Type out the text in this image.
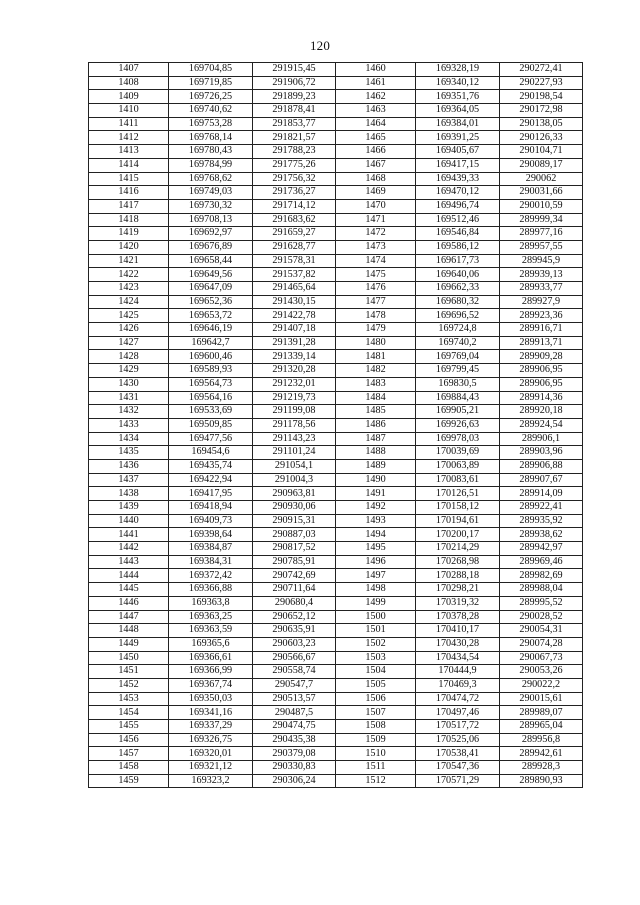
120
1407	169704,85	291915,45	1460	169328,19	290272,41
1408	169719,85	291906,72	1461	169340,12	290227,93
1409	169726,25	291899,23	1462	169351,76	290198,54
1410	169740,62	291878,41	1463	169364,05	290172,98
1411	169753,28	291853,77	1464	169384,01	290138,05
1412	169768,14	291821,57	1465	169391,25	290126,33
1413	169780,43	291788,23	1466	169405,67	290104,71
1414	169784,99	291775,26	1467	169417,15	290089,17
1415	169768,62	291756,32	1468	169439,33	290062
1416	169749,03	291736,27	1469	169470,12	290031,66
1417	169730,32	291714,12	1470	169496,74	290010,59
1418	169708,13	291683,62	1471	169512,46	289999,34
1419	169692,97	291659,27	1472	169546,84	289977,16
1420	169676,89	291628,77	1473	169586,12	289957,55
1421	169658,44	291578,31	1474	169617,73	289945,9
1422	169649,56	291537,82	1475	169640,06	289939,13
1423	169647,09	291465,64	1476	169662,33	289933,77
1424	169652,36	291430,15	1477	169680,32	289927,9
1425	169653,72	291422,78	1478	169696,52	289923,36
1426	169646,19	291407,18	1479	169724,8	289916,71
1427	169642,7	291391,28	1480	169740,2	289913,71
1428	169600,46	291339,14	1481	169769,04	289909,28
1429	169589,93	291320,28	1482	169799,45	289906,95
1430	169564,73	291232,01	1483	169830,5	289906,95
1431	169564,16	291219,73	1484	169884,43	289914,36
1432	169533,69	291199,08	1485	169905,21	289920,18
1433	169509,85	291178,56	1486	169926,63	289924,54
1434	169477,56	291143,23	1487	169978,03	289906,1
1435	169454,6	291101,24	1488	170039,69	289903,96
1436	169435,74	291054,1	1489	170063,89	289906,88
1437	169422,94	291004,3	1490	170083,61	289907,67
1438	169417,95	290963,81	1491	170126,51	289914,09
1439	169418,94	290930,06	1492	170158,12	289922,41
1440	169409,73	290915,31	1493	170194,61	289935,92
1441	169398,64	290887,03	1494	170200,17	289938,62
1442	169384,87	290817,52	1495	170214,29	289942,97
1443	169384,31	290785,91	1496	170268,98	289969,46
1444	169372,42	290742,69	1497	170288,18	289982,69
1445	169366,88	290711,64	1498	170298,21	289988,04
1446	169363,8	290680,4	1499	170319,32	289995,52
1447	169363,25	290652,12	1500	170378,28	290028,52
1448	169363,59	290635,91	1501	170410,17	290054,31
1449	169365,6	290603,23	1502	170430,28	290074,28
1450	169366,61	290566,67	1503	170434,54	290067,73
1451	169366,99	290558,74	1504	170444,9	290053,26
1452	169367,74	290547,7	1505	170469,3	290022,2
1453	169350,03	290513,57	1506	170474,72	290015,61
1454	169341,16	290487,5	1507	170497,46	289989,07
1455	169337,29	290474,75	1508	170517,72	289965,04
1456	169326,75	290435,38	1509	170525,06	289956,8
1457	169320,01	290379,08	1510	170538,41	289942,61
1458	169321,12	290330,83	1511	170547,36	289928,3
1459	169323,2	290306,24	1512	170571,29	289890,93
